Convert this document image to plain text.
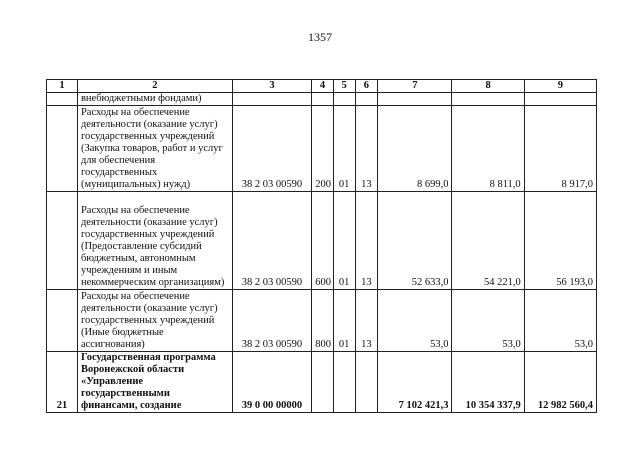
1357
1	2	3	4	5	6	7	8	9
	внебюджетными фондами)							
	Расходы на обеспечение деятельности (оказание услуг) государственных учреждений (Закупка товаров, работ и услуг для обеспечения государственных (муниципальных) нужд)	38 2 03 00590	200	01	13	8 699,0	8 811,0	8 917,0
	Расходы на обеспечение деятельности (оказание услуг) государственных учреждений (Предоставление субсидий бюджетным, автономным учреждениям и иным некоммерческим организациям)	38 2 03 00590	600	01	13	52 633,0	54 221,0	56 193,0
	Расходы на обеспечение деятельности (оказание услуг) государственных учреждений (Иные бюджетные ассигнования)	38 2 03 00590	800	01	13	53,0	53,0	53,0
21	Государственная программа Воронежской области «Управление государственными финансами, создание	39 0 00 00000				7 102 421,3	10 354 337,9	12 982 560,4
